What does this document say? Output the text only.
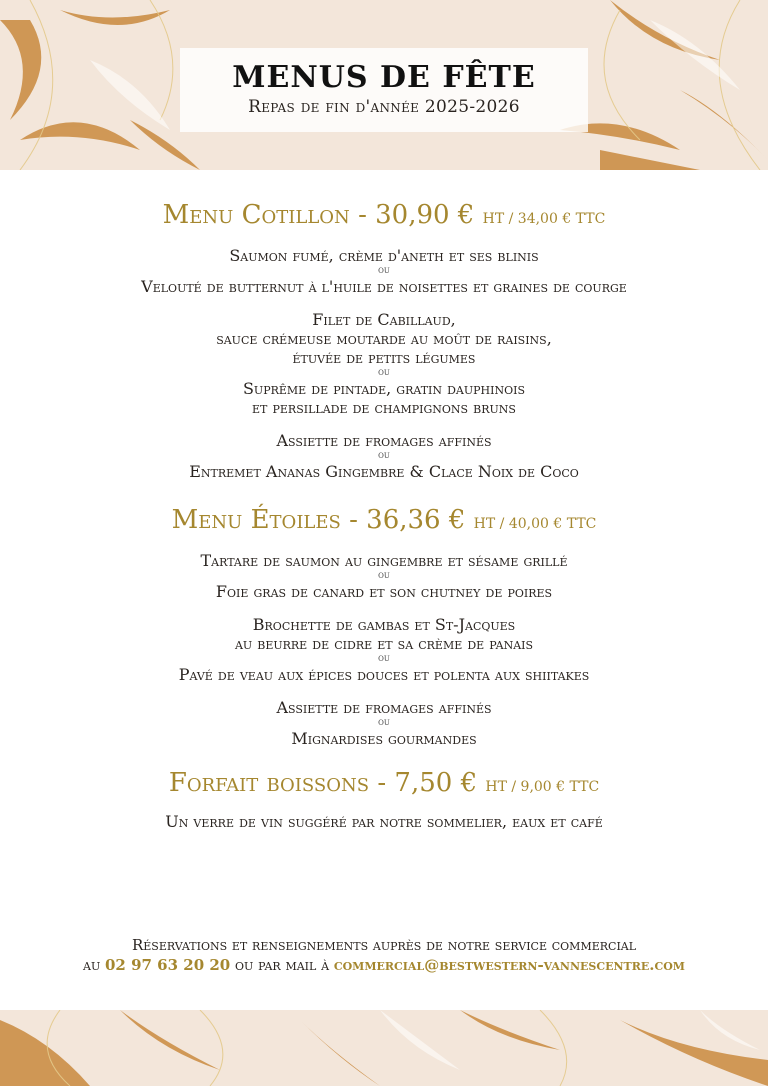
MENUS DE FÊTE

Repas de fin d'année 2025-2026

Menu Cotillon - 30,90 € HT / 34,00 € TTC

Saumon fumé, crème d'aneth et ses blinis

ou

Velouté de butternut à l'huile de noisettes et graines de courge

Filet de Cabillaud,

sauce crémeuse moutarde au moût de raisins,

étuvée de petits légumes

ou

Suprême de pintade, gratin dauphinois

et persillade de champignons bruns

Assiette de fromages affinés

ou

Entremet Ananas Gingembre & Clace Noix de Coco

Menu Étoiles - 36,36 € HT / 40,00 € TTC

Tartare de saumon au gingembre et sésame grillé

ou

Foie gras de canard et son chutney de poires

Brochette de gambas et St-Jacques

au beurre de cidre et sa crème de panais

ou

Pavé de veau aux épices douces et polenta aux shiitakes

Assiette de fromages affinés

ou

Mignardises gourmandes

Forfait boissons - 7,50 € HT / 9,00 € TTC

Un verre de vin suggéré par notre sommelier, eaux et café

Réservations et renseignements auprès de notre service commercial
au 02 97 63 20 20 ou par mail à commercial@bestwestern-vannescentre.com
